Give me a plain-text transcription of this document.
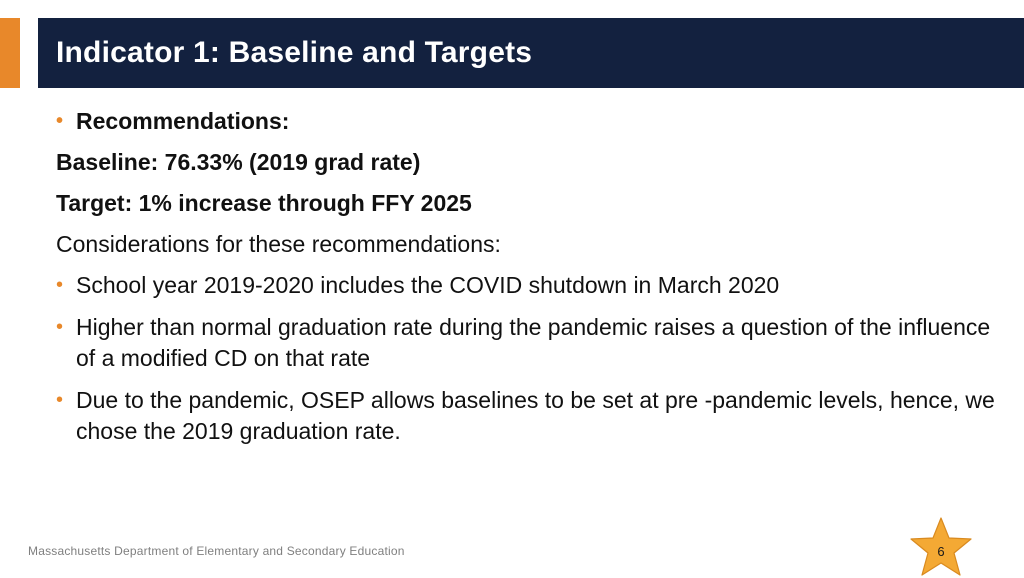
Indicator 1: Baseline and Targets

• Recommendations:

Baseline: 76.33% (2019 grad rate)

Target: 1% increase through FFY 2025

Considerations for these recommendations:

• School year 2019-2020 includes the COVID shutdown in March 2020

• Higher than normal graduation rate during the pandemic raises a question of the influence of a modified CD on that rate

• Due to the pandemic, OSEP allows baselines to be set at pre -pandemic levels, hence, we chose the 2019 graduation rate.

Massachusetts Department of Elementary and Secondary Education	6
